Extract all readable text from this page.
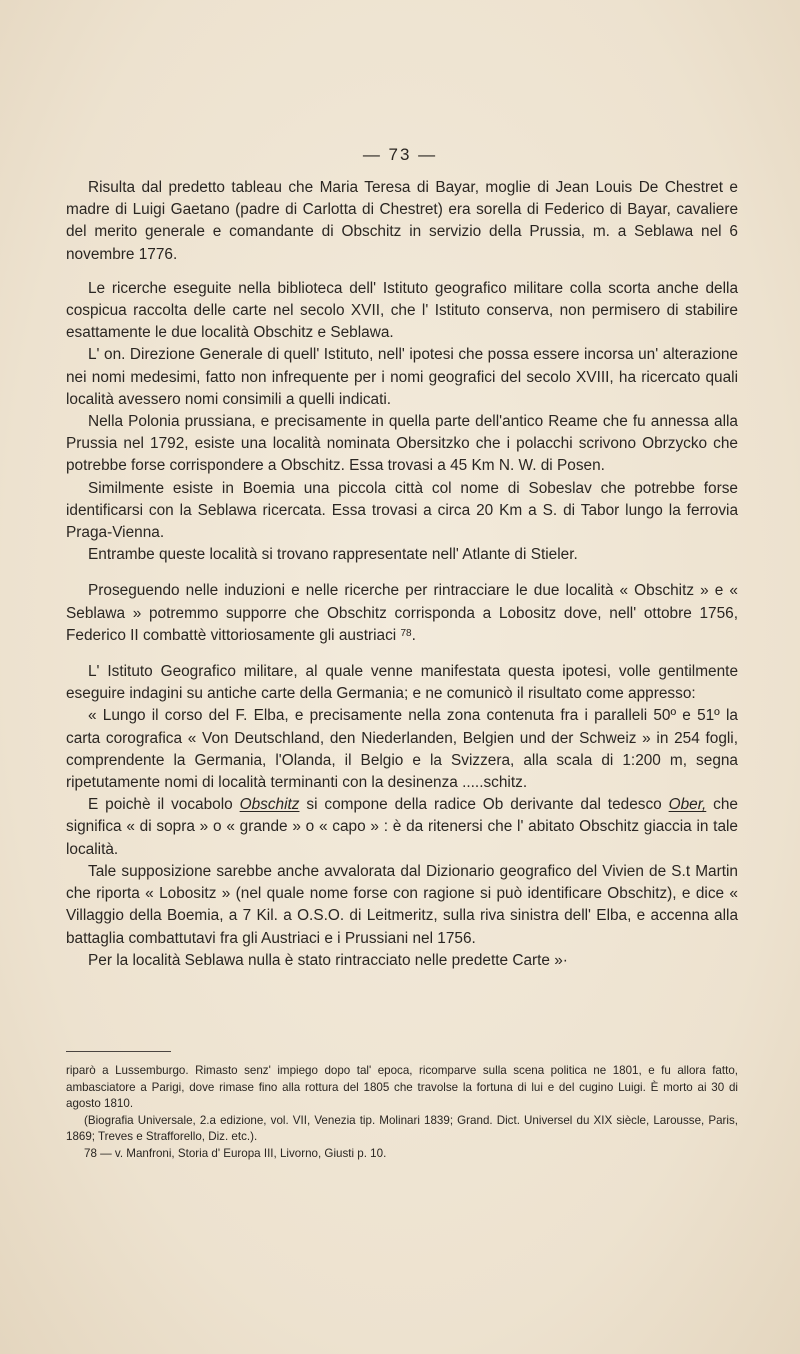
— 73 —

Risulta dal predetto tableau che Maria Teresa di Bayar, moglie di Jean Louis De Chestret e madre di Luigi Gaetano (padre di Carlotta di Chestret) era sorella di Federico di Bayar, cavaliere del merito generale e comandante di Obschitz in servizio della Prussia, m. a Seblawa nel 6 novembre 1776.

Le ricerche eseguite nella biblioteca dell' Istituto geografico militare colla scorta anche della cospicua raccolta delle carte nel secolo XVII, che l' Istituto conserva, non permisero di stabilire esattamente le due località Obschitz e Seblawa.

L' on. Direzione Generale di quell' Istituto, nell' ipotesi che possa essere incorsa un' alterazione nei nomi medesimi, fatto non infrequente per i nomi geografici del secolo XVIII, ha ricercato quali località avessero nomi consimili a quelli indicati.

Nella Polonia prussiana, e precisamente in quella parte dell'antico Reame che fu annessa alla Prussia nel 1792, esiste una località nominata Obersitzko che i polacchi scrivono Obrzycko che potrebbe forse corrispondere a Obschitz. Essa trovasi a 45 Km N. W. di Posen.

Similmente esiste in Boemia una piccola città col nome di Sobeslav che potrebbe forse identificarsi con la Seblawa ricercata. Essa trovasi a circa 20 Km a S. di Tabor lungo la ferrovia Praga-Vienna.

Entrambe queste località si trovano rappresentate nell' Atlante di Stieler.

Proseguendo nelle induzioni e nelle ricerche per rintracciare le due località « Obschitz » e « Seblawa » potremmo supporre che Obschitz corrisponda a Lobositz dove, nell' ottobre 1756, Federico II combattè vittoriosamente gli austriaci $^{78}$.

L' Istituto Geografico militare, al quale venne manifestata questa ipotesi, volle gentilmente eseguire indagini su antiche carte della Germania; e ne comunicò il risultato come appresso:

« Lungo il corso del F. Elba, e precisamente nella zona contenuta fra i paralleli 50º e 51º la carta corografica « Von Deutschland, den Niederlanden, Belgien und der Schweiz » in 254 fogli, comprendente la Germania, l'Olanda, il Belgio e la Svizzera, alla scala di 1:200 m, segna ripetutamente nomi di località terminanti con la desinenza .....schitz.

E poichè il vocabolo Obschitz si compone della radice Ob derivante dal tedesco Ober, che significa « di sopra » o « grande » o « capo » : è da ritenersi che l' abitato Obschitz giaccia in tale località.

Tale supposizione sarebbe anche avvalorata dal Dizionario geografico del Vivien de S.t Martin che riporta « Lobositz » (nel quale nome forse con ragione si può identificare Obschitz), e dice « Villaggio della Boemia, a 7 Kil. a O.S.O. di Leitmeritz, sulla riva sinistra dell' Elba, e accenna alla battaglia combattutavi fra gli Austriaci e i Prussiani nel 1756.

Per la località Seblawa nulla è stato rintracciato nelle predette Carte »·

riparò a Lussemburgo. Rimasto senz' impiego dopo tal' epoca, ricomparve sulla scena politica ne 1801, e fu allora fatto, ambasciatore a Parigi, dove rimase fino alla rottura del 1805 che travolse la fortuna di lui e del cugino Luigi. È morto ai 30 di agosto 1810.

(Biografia Universale, 2.a edizione, vol. VII, Venezia tip. Molinari 1839; Grand. Dict. Universel du XIX siècle, Larousse, Paris, 1869; Treves e Strafforello, Diz. etc.).

78 — v. Manfroni, Storia d' Europa III, Livorno, Giusti p. 10.
